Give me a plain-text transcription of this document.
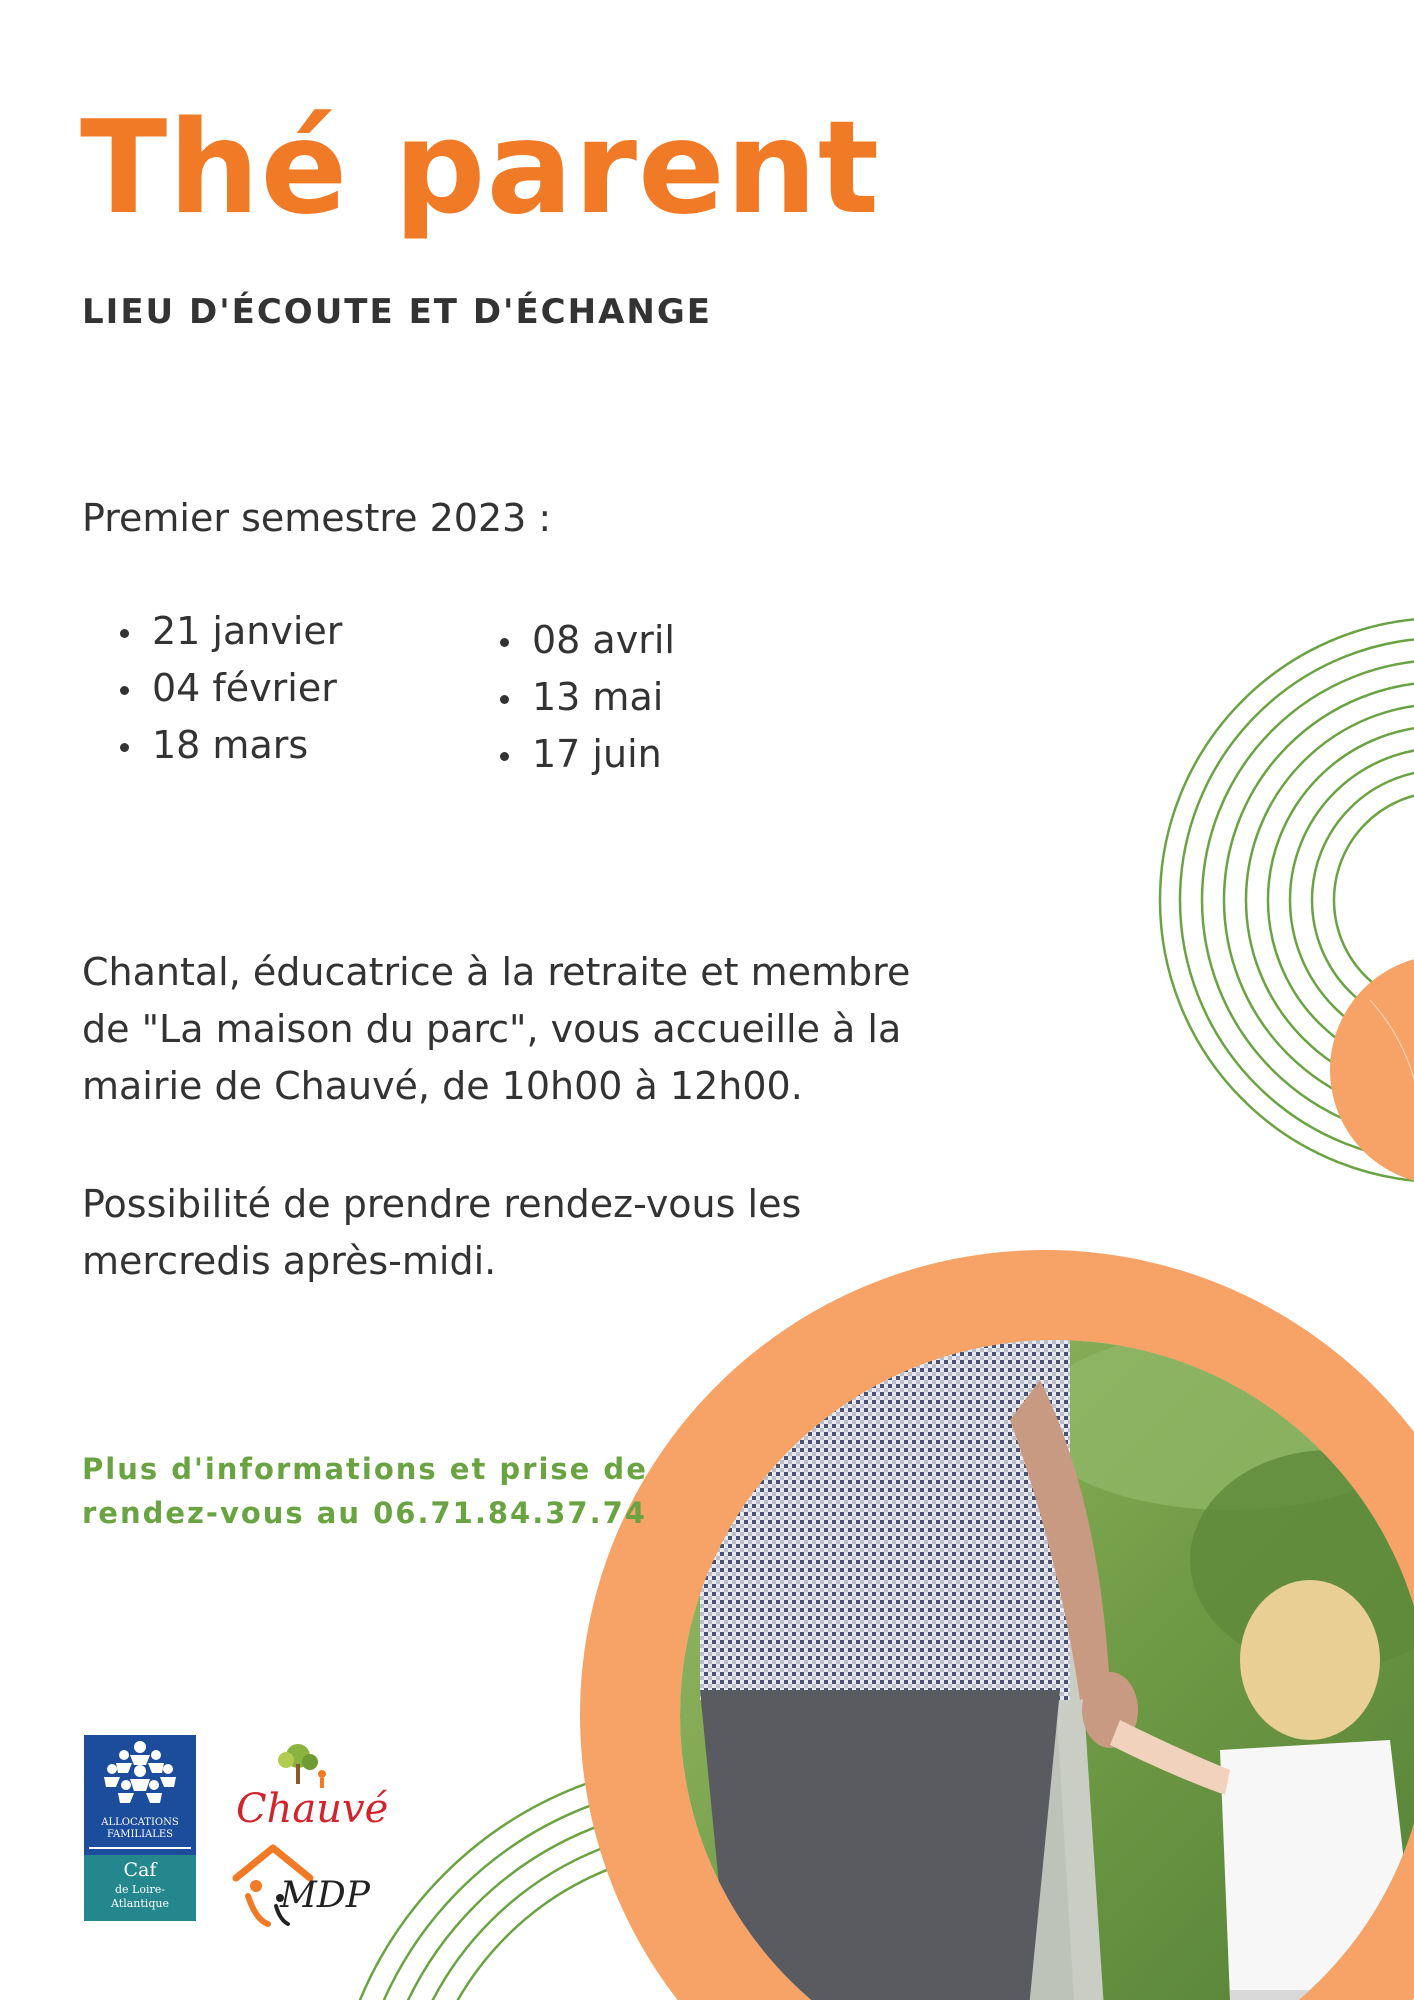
Thé parent
LIEU D'ÉCOUTE ET D'ÉCHANGE
Premier semestre 2023 :
21 janvier
04 février
18 mars
08 avril
13 mai
17 juin
Chantal, éducatrice à la retraite et membre de "La maison du parc", vous accueille à la mairie de Chauvé, de 10h00 à 12h00.
Possibilité de prendre rendez-vous les mercredis après-midi.
Plus d'informations et prise de
rendez-vous au 06.71.84.37.74
ALLOCATIONS
FAMILIALES
Caf
de Loire-
Atlantique
Chauvé
MDP
